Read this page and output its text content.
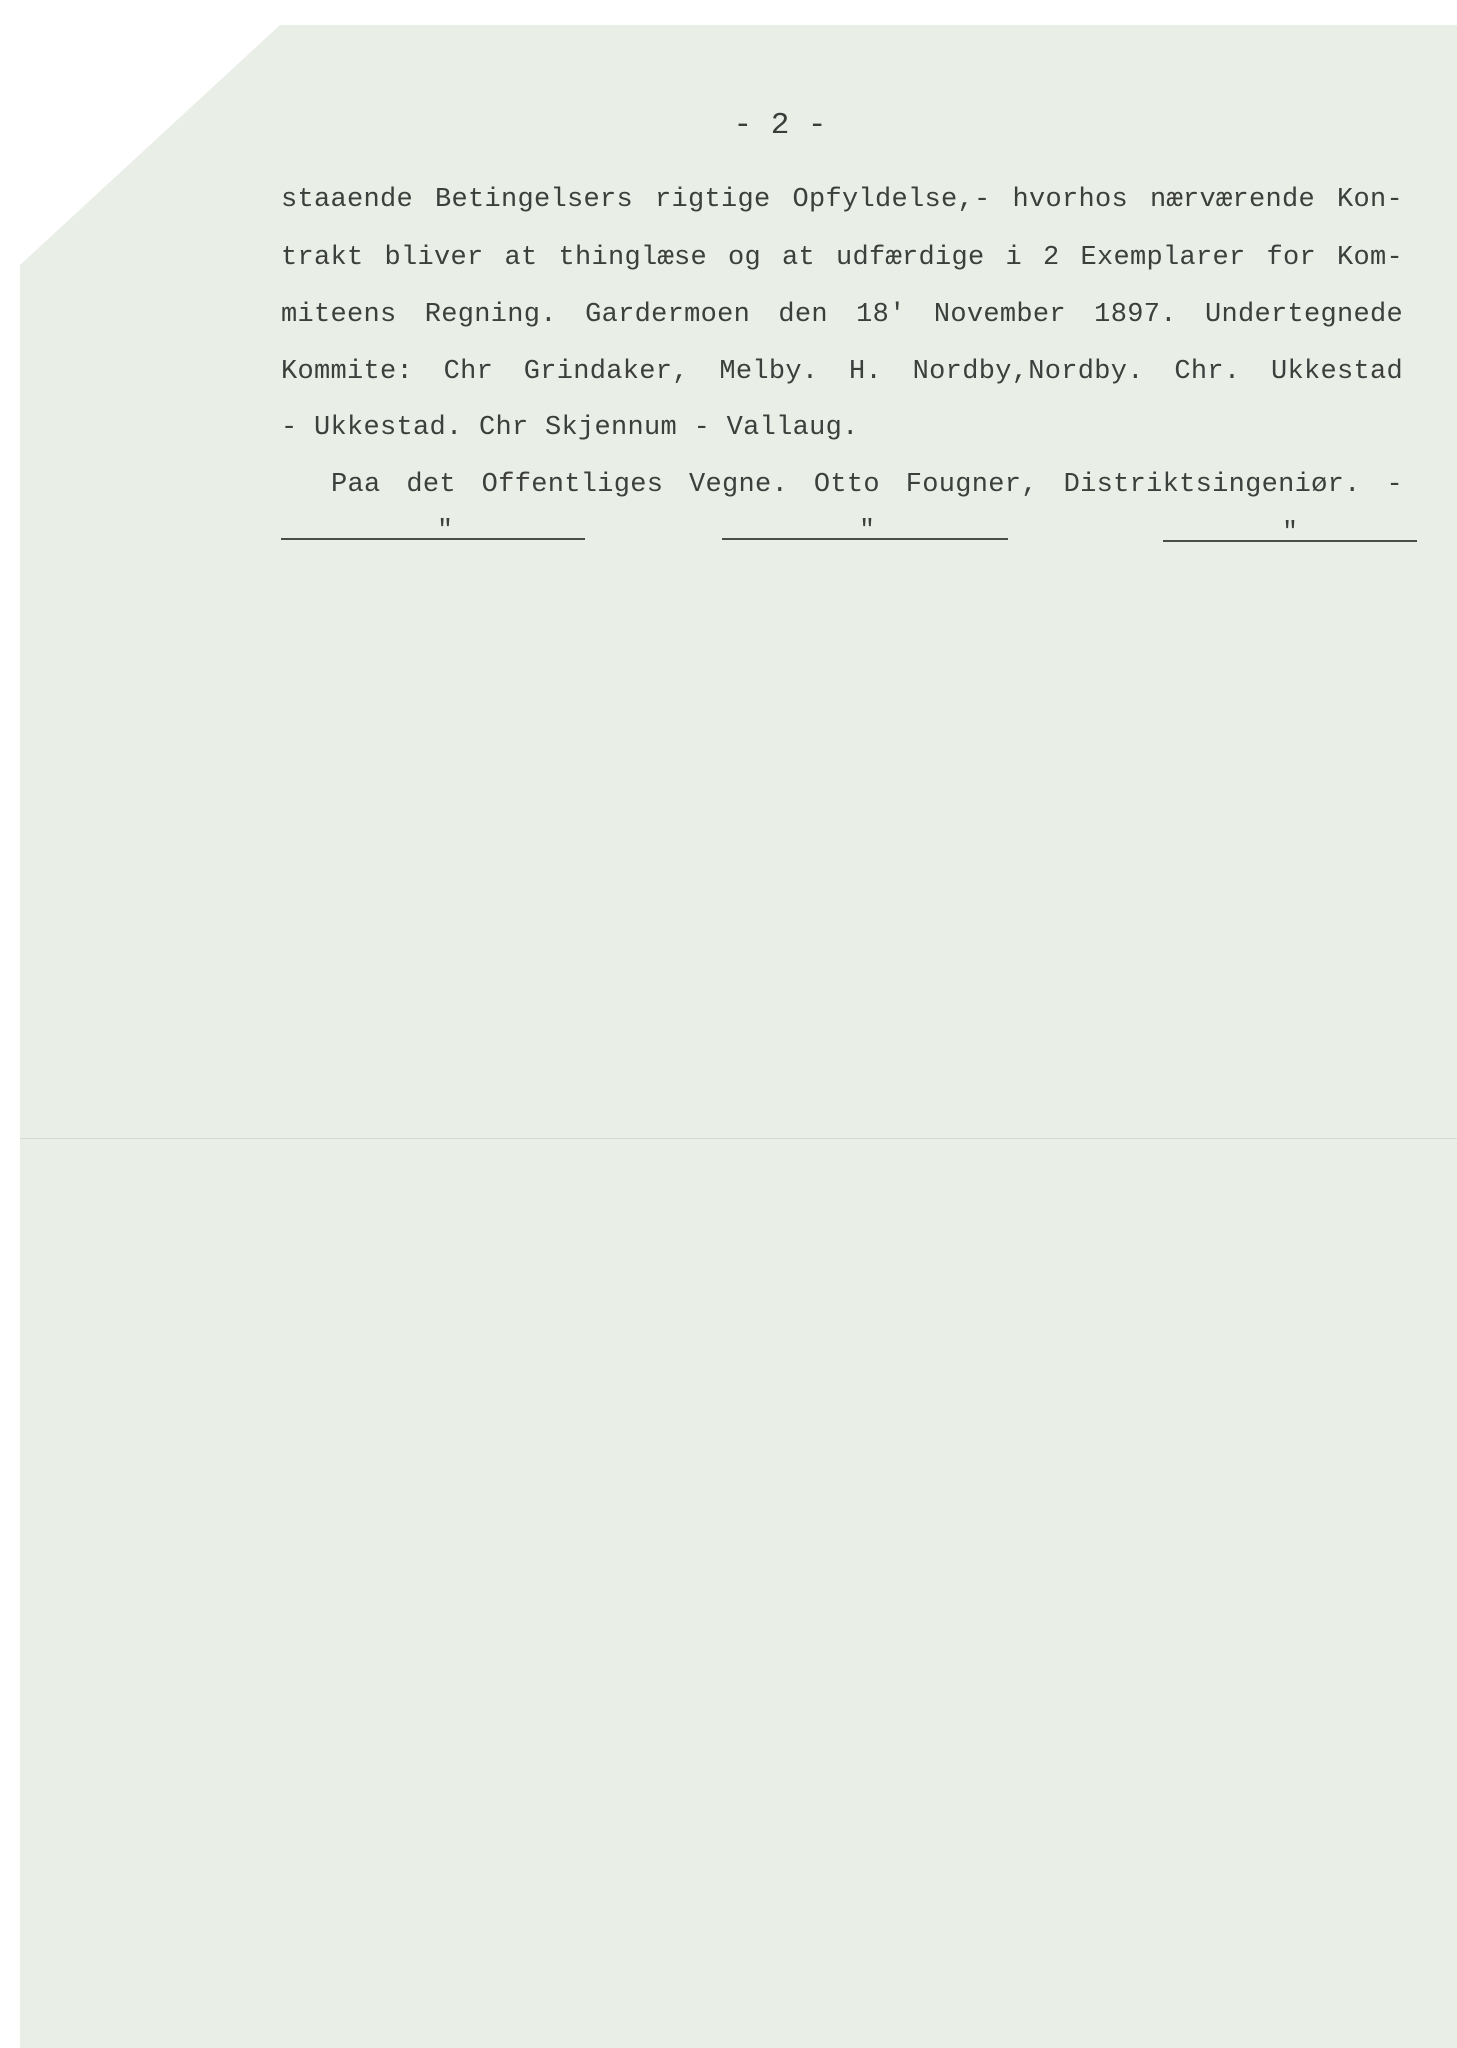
- 2 -
staaende Betingelsers rigtige Opfyldelse,- hvorhos nærværende Kon-
trakt bliver at thinglæse og at udfærdige i 2 Exemplarer for Kom-
miteens Regning. Gardermoen den 18' November 1897. Undertegnede
Kommite: Chr Grindaker, Melby. H. Nordby,Nordby. Chr. Ukkestad
- Ukkestad. Chr Skjennum - Vallaug.
Paa det Offentliges Vegne. Otto Fougner, Distriktsingeniør. -
"	"	"
